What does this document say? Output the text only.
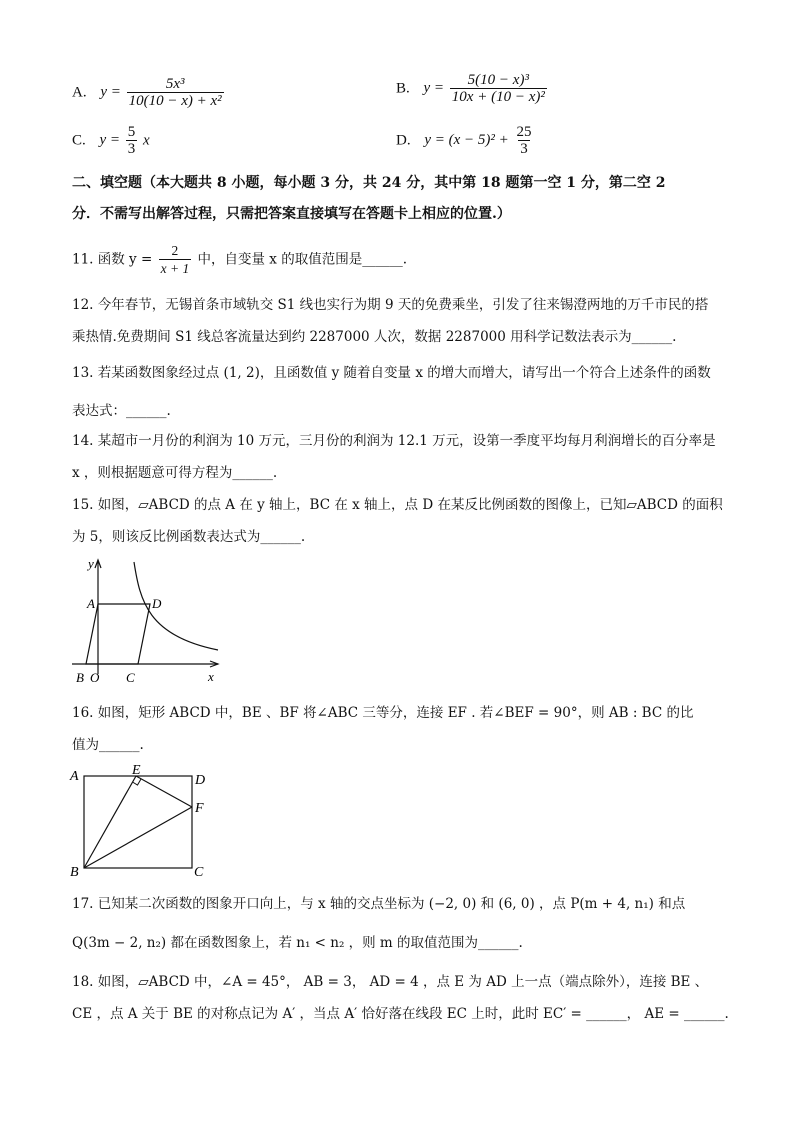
A. $y = \frac{\text{5x³}}{\text{10(10 − x) + x²}}$	B. $y = \frac{\text{5(10 − x)³}}{\text{10x + (10 − x)²}}$
C. $y = \frac{5}{3}$ x	D. $y = (x - 5)^2 + \frac{25}{3}$
二、填空题（本大题共 8 小题，每小题 3 分，共 24 分，其中第 18 题第一空 1 分，第二空 2
分．不需写出解答过程，只需把答案直接填写在答题卡上相应的位置.）
11. 函数 $y = \frac{2}{x + 1}$ 中，自变量 x 的取值范围是______.
12. 今年春节，无锡首条市域轨交 S1 线也实行为期 9 天的免费乘坐，引发了往来锡澄两地的万千市民的搭
乘热情.免费期间 S1 线总客流量达到约 2287000 人次，数据 2287000 用科学记数法表示为______.
13. 若某函数图象经过点 (1, 2)，且函数值 y 随着自变量 x 的增大而增大，请写出一个符合上述条件的函数
表达式：______.
14. 某超市一月份的利润为 10 万元，三月份的利润为 12.1 万元，设第一季度平均每月利润增长的百分率是
x ，则根据题意可得方程为______.
15. 如图，▱ABCD 的点 A 在 y 轴上，BC 在 x 轴上，点 D 在某反比例函数的图像上，已知▱ABCD 的面积
为 5，则该反比例函数表达式为______.
y
A	D
B O C	x
16. 如图，矩形 ABCD 中，BE 、BF 将∠ABC 三等分，连接 EF . 若∠BEF = 90°，则 AB : BC 的比
值为______.
A	E
D
F
B	C
17. 已知某二次函数的图象开口向上，与 x 轴的交点坐标为 (−2, 0) 和 (6, 0) ，点 P(m + 4, n₁) 和点
Q(3m − 2, n₂) 都在函数图象上，若 n₁ < n₂ ，则 m 的取值范围为______.
18. 如图，▱ABCD 中，∠A = 45°， AB = 3， AD = 4 ，点 E 为 AD 上一点（端点除外），连接 BE 、
CE ，点 A 关于 BE 的对称点记为 A′ ，当点 A′ 恰好落在线段 EC 上时，此时 EC′ = ______， AE = ______.
